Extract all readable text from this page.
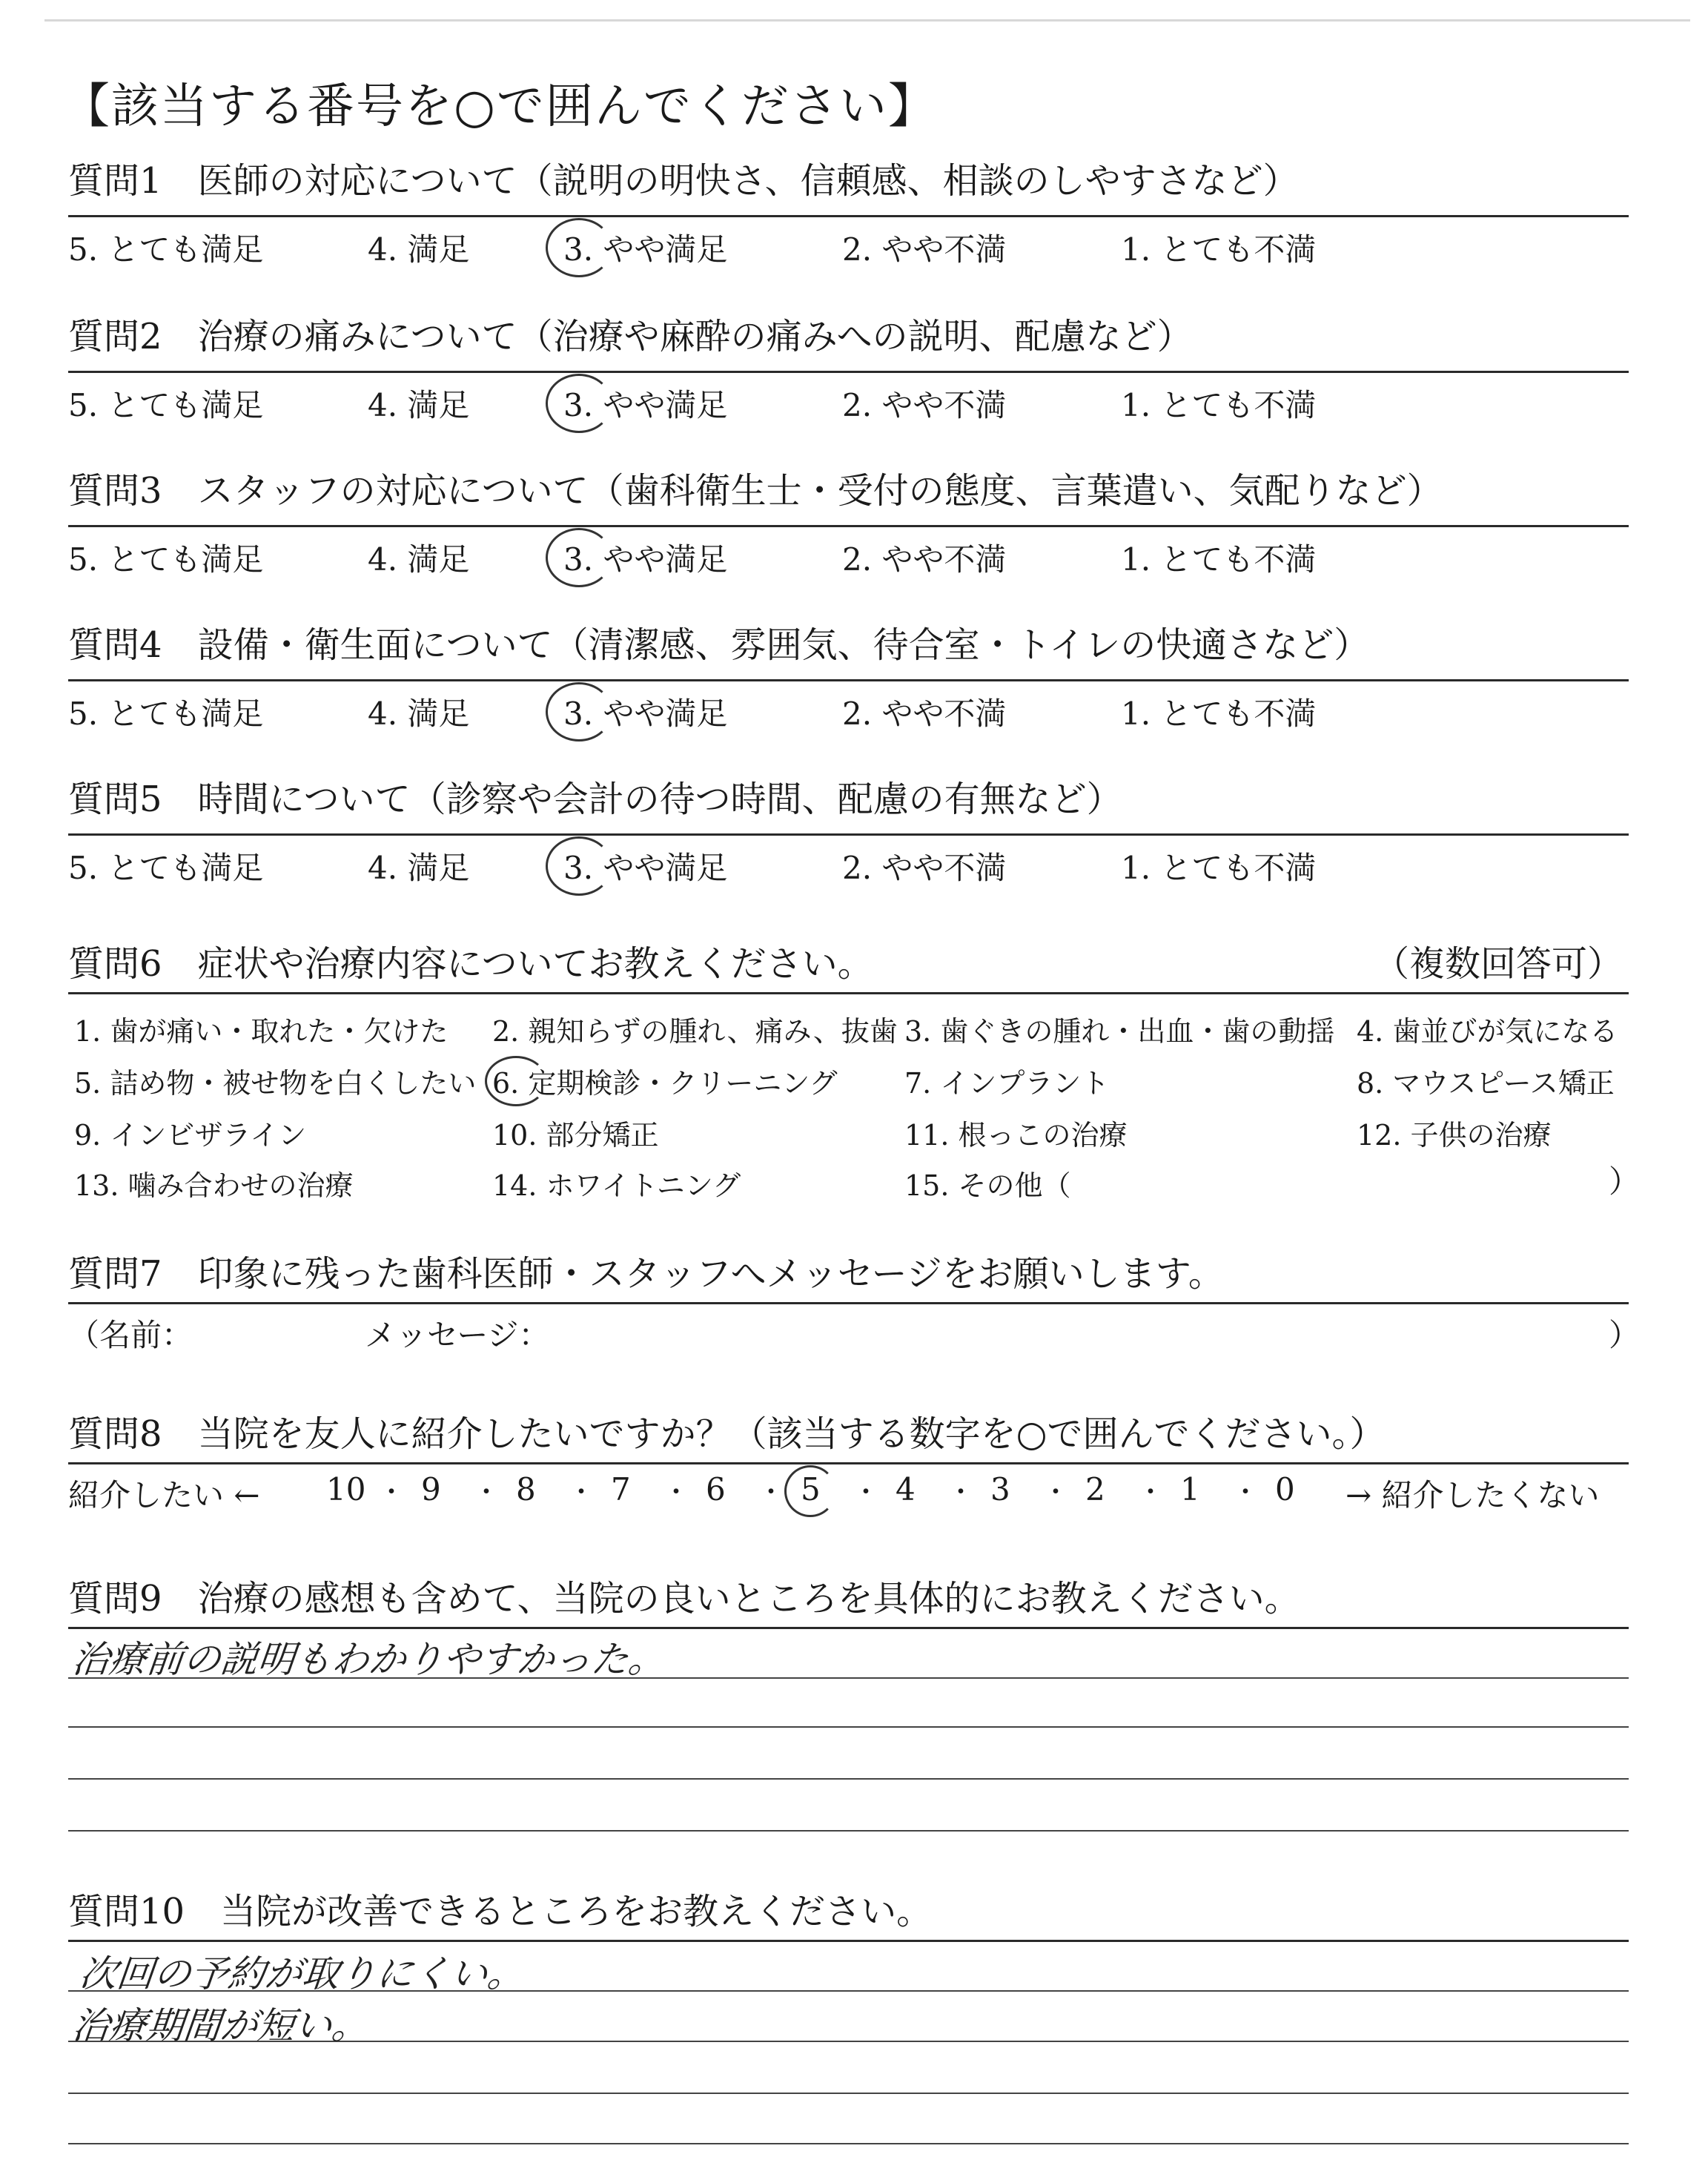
【該当する番号を○で囲んでください】
質問1　 医師の対応について（説明の明快さ、信頼感、相談のしやすさなど）
5. とても満足	4. 満足	3. やや満足	2. やや不満	1. とても不満
質問2　 治療の痛みについて（治療や麻酔の痛みへの説明、配慮など）
5. とても満足	4. 満足	3. やや満足	2. やや不満	1. とても不満
質問3　 スタッフの対応について（歯科衛生士・受付の態度、言葉遣い、気配りなど）
5. とても満足	4. 満足	3. やや満足	2. やや不満	1. とても不満
質問4　 設備・衛生面について（清潔感、雰囲気、待合室・トイレの快適さなど）
5. とても満足	4. 満足	3. やや満足	2. やや不満	1. とても不満
質問5　 時間について（診察や会計の待つ時間、配慮の有無など）
5. とても満足	4. 満足	3. やや満足	2. やや不満	1. とても不満
質問6　 症状や治療内容についてお教えください。	（複数回答可）
1. 歯が痛い・取れた・欠けた 2. 親知らずの腫れ、痛み、抜歯 3. 歯ぐきの腫れ・出血・歯の動揺 4. 歯並びが気になる
5. 詰め物・被せ物を白くしたい 6. 定期検診・クリーニング 7. インプラント	8. マウスピース矯正
9. インビザライン	10. 部分矯正	11. 根っこの治療	12. 子供の治療
13. 噛み合わせの治療	14. ホワイトニング	15. その他（	）
質問7　 印象に残った歯科医師・スタッフへメッセージをお願いします。
（名前：	メッセージ：	）
質問8　 当院を友人に紹介したいですか？（該当する数字を○で囲んでください。）
紹介したい ←	→ 紹介したくない
10 ・ 9 ・ 8 ・ 7 ・ 6 ・ 5 ・ 4 ・ 3 ・ 2 ・ 1 ・ 0
質問9　 治療の感想も含めて、当院の良いところを具体的にお教えください。
治療前の説明もわかりやすかった。
質問10　 当院が改善できるところをお教えください。
次回の予約が取りにくい。
治療期間が短い。
